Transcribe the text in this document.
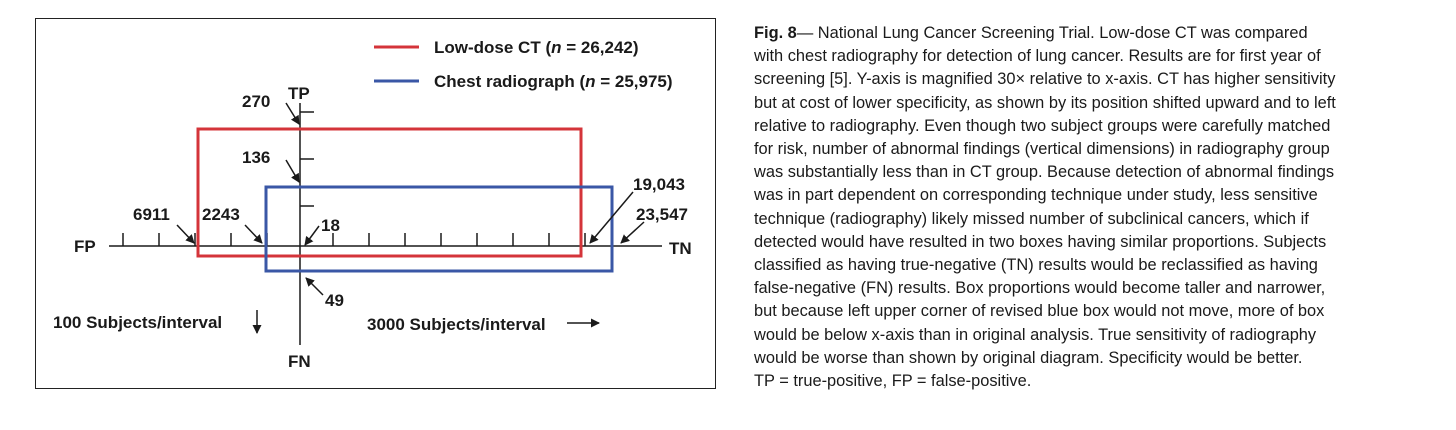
Low-dose CT (n = 26,242)
Chest radiograph (n = 25,975)
TP
FN
FP	TN
270
136
18
49
6911 2243
19,043
23,547
100 Subjects/interval	3000 Subjects/interval
Fig. 8— National Lung Cancer Screening Trial. Low-dose CT was compared
with chest radiography for detection of lung cancer. Results are for first year of
screening [5]. Y-axis is magnified 30× relative to x-axis. CT has higher sensitivity
but at cost of lower specificity, as shown by its position shifted upward and to left
relative to radiography. Even though two subject groups were carefully matched
for risk, number of abnormal findings (vertical dimensions) in radiography group
was substantially less than in CT group. Because detection of abnormal findings
was in part dependent on corresponding technique under study, less sensitive
technique (radiography) likely missed number of subclinical cancers, which if
detected would have resulted in two boxes having similar proportions. Subjects
classified as having true-negative (TN) results would be reclassified as having
false-negative (FN) results. Box proportions would become taller and narrower,
but because left upper corner of revised blue box would not move, more of box
would be below x-axis than in original analysis. True sensitivity of radiography
would be worse than shown by original diagram. Specificity would be better.
TP = true-positive, FP = false-positive.
